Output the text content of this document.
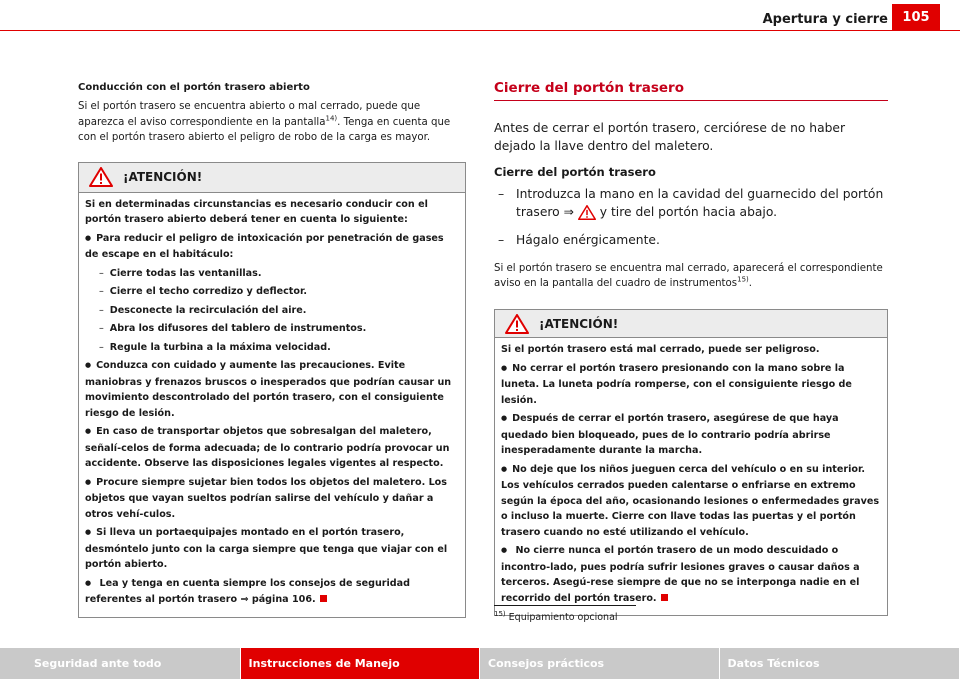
Apertura y cierre	105
Conducción con el portón trasero abierto

Si el portón trasero se encuentra abierto o mal cerrado, puede que aparezca el aviso correspondiente en la pantalla$^{14)}$. Tenga en cuenta que con el portón trasero abierto el peligro de robo de la carga es mayor.

¡ATENCIÓN!

Si en determinadas circunstancias es necesario conducir con el portón trasero abierto deberá tener en cuenta lo siguiente:

● Para reducir el peligro de intoxicación por penetración de gases de escape en el habitáculo:

– Cierre todas las ventanillas.

– Cierre el techo corredizo y deflector.

– Desconecte la recirculación del aire.

– Abra los difusores del tablero de instrumentos.

– Regule la turbina a la máxima velocidad.

● Conduzca con cuidado y aumente las precauciones. Evite maniobras y frenazos bruscos o inesperados que podrían causar un movimiento descontrolado del portón trasero, con el consiguiente riesgo de lesión.

● En caso de transportar objetos que sobresalgan del maletero, señalí-celos de forma adecuada; de lo contrario podría provocar un accidente. Observe las disposiciones legales vigentes al respecto.

● Procure siempre sujetar bien todos los objetos del maletero. Los objetos que vayan sueltos podrían salirse del vehículo y dañar a otros vehí-culos.

● Si lleva un portaequipajes montado en el portón trasero, desmóntelo junto con la carga siempre que tenga que viajar con el portón abierto.

● Lea y tenga en cuenta siempre los consejos de seguridad referentes al portón trasero ⇒ página 106.

Cierre del portón trasero

Antes de cerrar el portón trasero, cerciórese de no haber dejado la llave dentro del maletero.

Cierre del portón trasero

– Introduzca la mano en la cavidad del guarnecido del portón trasero ⇒ y tire del portón hacia abajo.

– Hágalo enérgicamente.

Si el portón trasero se encuentra mal cerrado, aparecerá el correspondiente aviso en la pantalla del cuadro de instrumentos$^{15)}$.

¡ATENCIÓN!

Si el portón trasero está mal cerrado, puede ser peligroso.

● No cerrar el portón trasero presionando con la mano sobre la luneta. La luneta podría romperse, con el consiguiente riesgo de lesión.

● Después de cerrar el portón trasero, asegúrese de que haya quedado bien bloqueado, pues de lo contrario podría abrirse inesperadamente durante la marcha.

● No deje que los niños jueguen cerca del vehículo o en su interior. Los vehículos cerrados pueden calentarse o enfriarse en extremo según la época del año, ocasionando lesiones o enfermedades graves o incluso la muerte. Cierre con llave todas las puertas y el portón trasero cuando no esté utilizando el vehículo.

● No cierre nunca el portón trasero de un modo descuidado o incontro-lado, pues podría sufrir lesiones graves o causar daños a terceros. Asegú-rese siempre de que no se interponga nadie en el recorrido del portón trasero.

$^{15)}$ Equipamiento opcional
Seguridad ante todo	Instrucciones de Manejo	Consejos prácticos	Datos Técnicos
